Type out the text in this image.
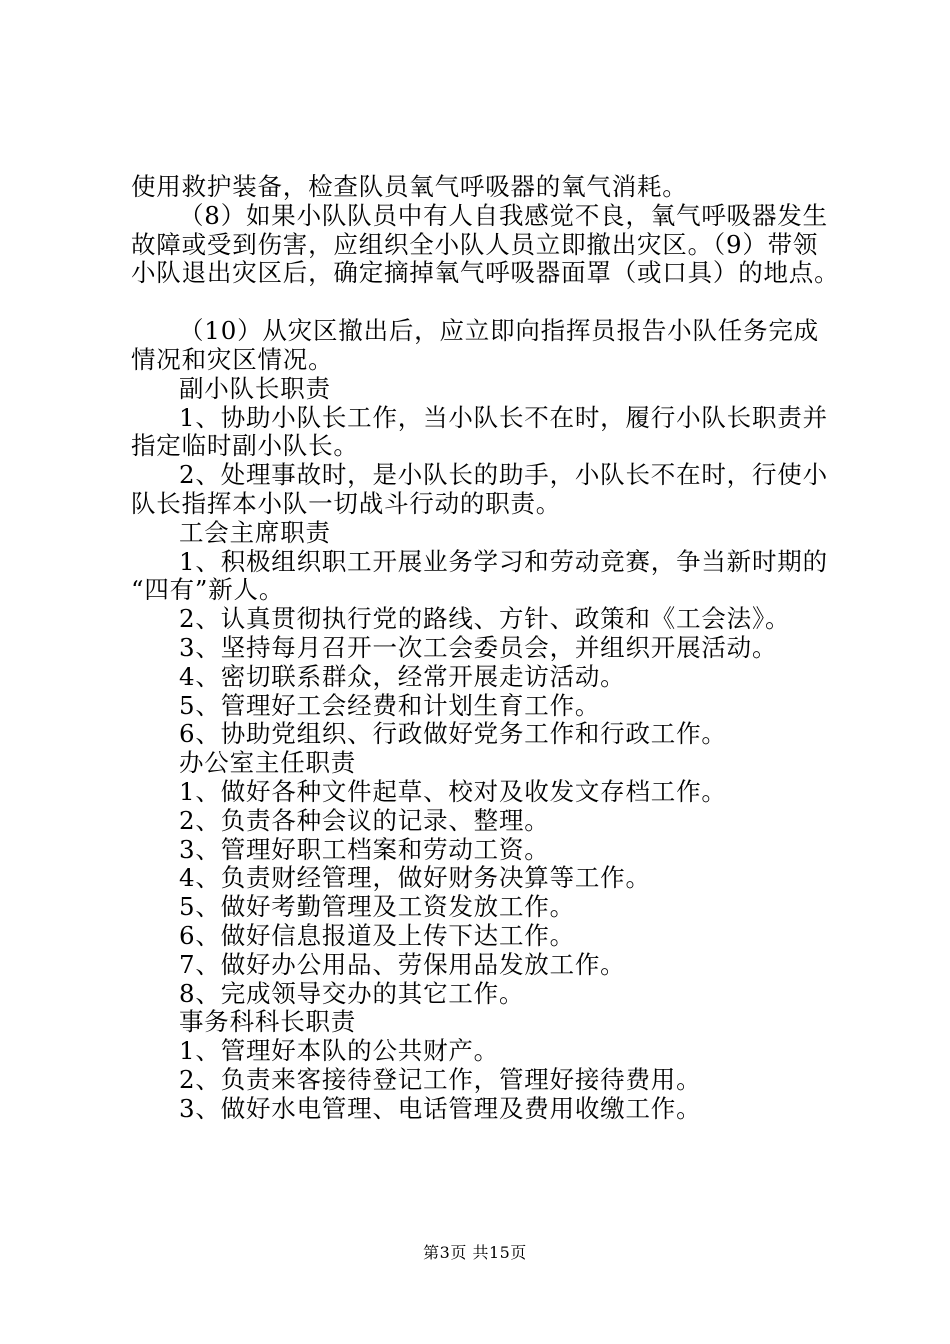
使用救护装备，检查队员氧气呼吸器的氧气消耗。
（8）如果小队队员中有人自我感觉不良，氧气呼吸器发生
故障或受到伤害，应组织全小队人员立即撤出灾区。（9）带领
小队退出灾区后，确定摘掉氧气呼吸器面罩（或口具）的地点。
（10）从灾区撤出后，应立即向指挥员报告小队任务完成
情况和灾区情况。
副小队长职责
1、协助小队长工作，当小队长不在时，履行小队长职责并
指定临时副小队长。
2、处理事故时，是小队长的助手，小队长不在时，行使小
队长指挥本小队一切战斗行动的职责。
工会主席职责
1、积极组织职工开展业务学习和劳动竞赛，争当新时期的
“四有”新人。
2、认真贯彻执行党的路线、方针、政策和《工会法》。
3、坚持每月召开一次工会委员会，并组织开展活动。
4、密切联系群众，经常开展走访活动。
5、管理好工会经费和计划生育工作。
6、协助党组织、行政做好党务工作和行政工作。
办公室主任职责
1、做好各种文件起草、校对及收发文存档工作。
2、负责各种会议的记录、整理。
3、管理好职工档案和劳动工资。
4、负责财经管理，做好财务决算等工作。
5、做好考勤管理及工资发放工作。
6、做好信息报道及上传下达工作。
7、做好办公用品、劳保用品发放工作。
8、完成领导交办的其它工作。
事务科科长职责
1、管理好本队的公共财产。
2、负责来客接待登记工作，管理好接待费用。
3、做好水电管理、电话管理及费用收缴工作。
第3页 共15页
